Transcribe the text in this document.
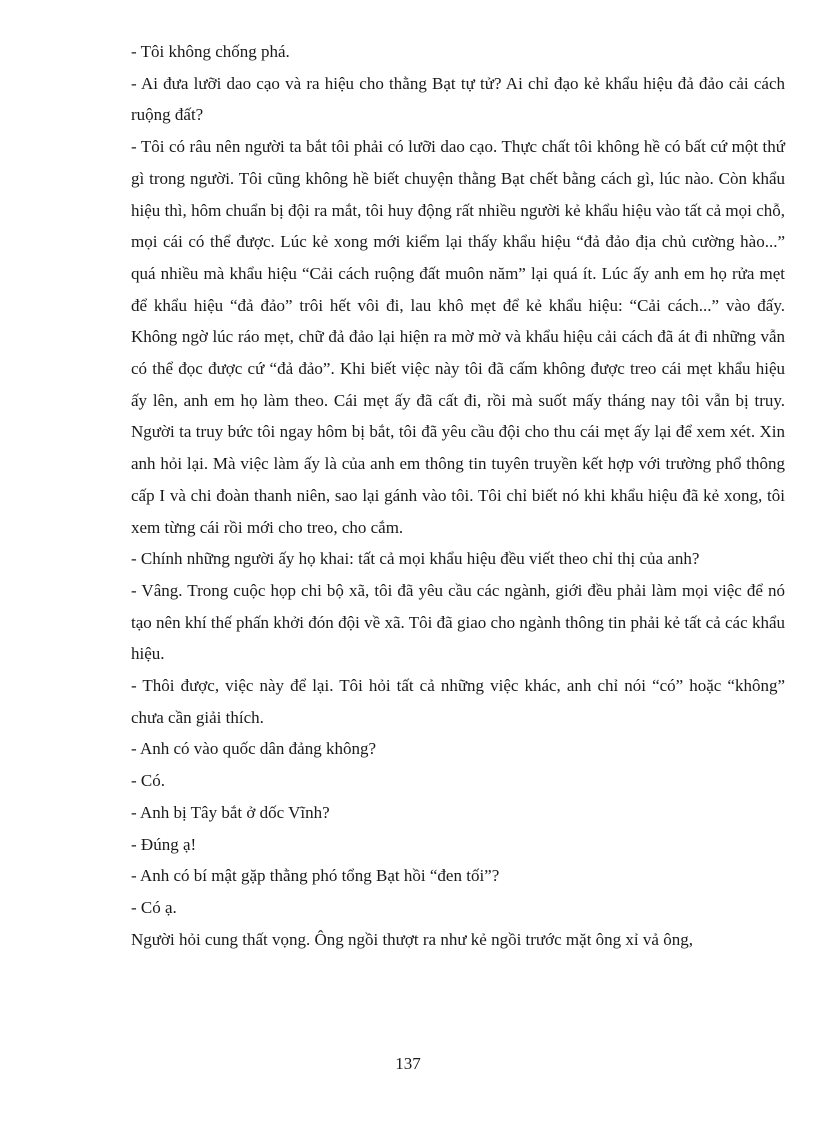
- Tôi không chống phá.

- Ai đưa lưỡi dao cạo và ra hiệu cho thằng Bạt tự tử? Ai chỉ đạo kẻ khẩu hiệu đả đảo cải cách ruộng đất?

- Tôi có râu nên người ta bắt tôi phải có lưỡi dao cạo. Thực chất tôi không hề có bất cứ một thứ gì trong người. Tôi cũng không hề biết chuyện thằng Bạt chết bằng cách gì, lúc nào. Còn khẩu hiệu thì, hôm chuẩn bị đội ra mắt, tôi huy động rất nhiều người kẻ khẩu hiệu vào tất cả mọi chỗ, mọi cái có thể được. Lúc kẻ xong mới kiểm lại thấy khẩu hiệu “đả đảo địa chủ cường hào...” quá nhiều mà khẩu hiệu “Cải cách ruộng đất muôn năm” lại quá ít. Lúc ấy anh em họ rửa mẹt để khẩu hiệu “đả đảo” trôi hết vôi đi, lau khô mẹt để kẻ khẩu hiệu: “Cải cách...” vào đấy. Không ngờ lúc ráo mẹt, chữ đả đảo lại hiện ra mờ mờ và khẩu hiệu cải cách đã át đi những vẫn có thể đọc được cứ “đả đảo”. Khi biết việc này tôi đã cấm không được treo cái mẹt khẩu hiệu ấy lên, anh em họ làm theo. Cái mẹt ấy đã cất đi, rồi mà suốt mấy tháng nay tôi vẫn bị truy. Người ta truy bức tôi ngay hôm bị bắt, tôi đã yêu cầu đội cho thu cái mẹt ấy lại để xem xét. Xin anh hỏi lại. Mà việc làm ấy là của anh em thông tin tuyên truyền kết hợp với trường phổ thông cấp I và chi đoàn thanh niên, sao lại gánh vào tôi. Tôi chỉ biết nó khi khẩu hiệu đã kẻ xong, tôi xem từng cái rồi mới cho treo, cho cắm.

- Chính những người ấy họ khai: tất cả mọi khẩu hiệu đều viết theo chỉ thị của anh?

- Vâng. Trong cuộc họp chi bộ xã, tôi đã yêu cầu các ngành, giới đều phải làm mọi việc để nó tạo nên khí thế phấn khởi đón đội về xã. Tôi đã giao cho ngành thông tin phải kẻ tất cả các khẩu hiệu.

- Thôi được, việc này để lại. Tôi hỏi tất cả những việc khác, anh chỉ nói “có” hoặc “không” chưa cần giải thích.

- Anh có vào quốc dân đảng không?

- Có.

- Anh bị Tây bắt ở dốc Vĩnh?

- Đúng ạ!

- Anh có bí mật gặp thằng phó tổng Bạt hồi “đen tối”?

- Có ạ.

Người hỏi cung thất vọng. Ông ngồi thượt ra như kẻ ngồi trước mặt ông xỉ vả ông,

137
